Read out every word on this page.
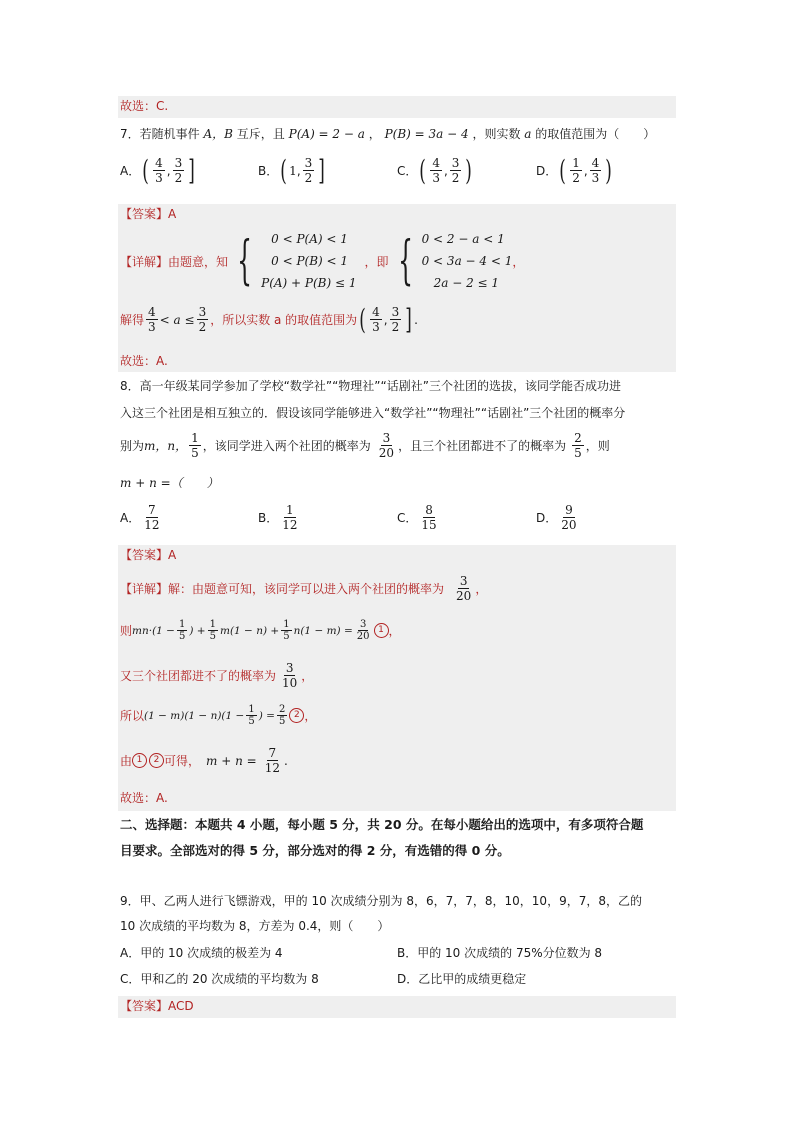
故选：C.
7．若随机事件 A，B 互斥，且 P(A) = 2 − a ， P(B) = 3a − 4 ，则实数 a 的取值范围为（　　）
A． ( $\frac{4}{3}$ , $\frac{3}{2}$ ]	B． ( 1 , $\frac{3}{2}$ ]	C． ( $\frac{4}{3}$ , $\frac{3}{2}$ )	D． ( $\frac{1}{2}$ , $\frac{4}{3}$ )
【答案】A
【详解】 由题意，知 {	0 < P(A) < 1
0 < P(B) < 1
P(A) + P(B) ≤ 1
，即 { 0 < 2 − a < 1
0 < 3a − 4 < 1
2a − 2 ≤ 1
，
解得 $\frac{4}{3} < a \le \frac{3}{2}$ ，所以实数 a 的取值范围为 ( $\frac{4}{3}$ , $\frac{3}{2}$ ] .
故选：A.
8．高一年级某同学参加了学校“数学社”“物理社”“话剧社”三个社团的选拔，该同学能否成功进
入这三个社团是相互独立的．假设该同学能够进入“数学社”“物理社”“话剧社”三个社团的概率分
别为 m，n， $\frac{1}{5}$ ，该同学进入两个社团的概率为 $\frac{3}{20}$ ，且三个社团都进不了的概率为 $\frac{2}{5}$ ，则
m + n =（　　）
A． $\frac{7}{12}$	B． $\frac{1}{12}$	C． $\frac{8}{15}$	D． $\frac{9}{20}$
【答案】A
【详解】 解：由题意可知，该同学可以进入两个社团的概率为 $\frac{3}{20}$ ，
则 $mn\cdot(1 - \frac{1}{5}$ ) + $\frac{1}{5} m(1 - n) + \frac{1}{5} n(1 - m) = \frac{3}{20} 1$ ，
又三个社团都进不了的概率为 $\frac{3}{10}$ ，
所以 $(1 - m)(1 - n)(1 - \frac{1}{5}$ ) = $\frac{2}{5} 2$ ，
由 1	2 可得， $m + n = \frac{7}{12}$ .
故选：A.
二、选择题：本题共 4 小题，每小题 5 分，共 20 分。在每小题给出的选项中，有多项符合题
目要求。全部选对的得 5 分，部分选对的得 2 分，有选错的得 0 分。
9．甲、乙两人进行飞镖游戏，甲的 10 次成绩分别为 8，6，7，7，8，10，10，9，7，8，乙的
10 次成绩的平均数为 8，方差为 0.4，则（　　）
A．甲的 10 次成绩的极差为 4	B．甲的 10 次成绩的 75%分位数为 8
C．甲和乙的 20 次成绩的平均数为 8	D．乙比甲的成绩更稳定
【答案】ACD
